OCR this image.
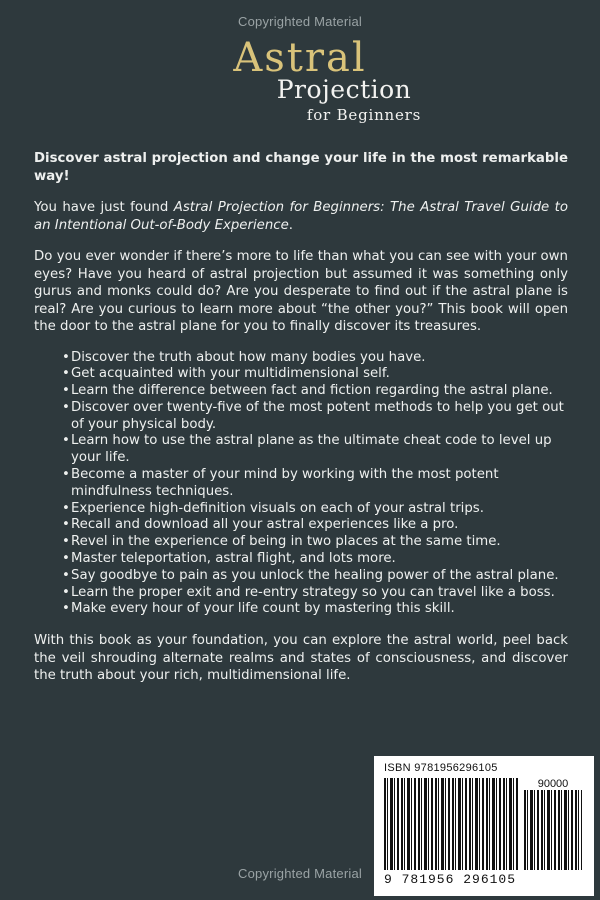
Copyrighted Material
Astral
Projection
for Beginners

Discover astral projection and change your life in the most remarkable way!

You have just found Astral Projection for Beginners: The Astral Travel Guide to an Intentional Out-of-Body Experience.

Do you ever wonder if there’s more to life than what you can see with your own eyes? Have you heard of astral projection but assumed it was something only gurus and monks could do? Are you desperate to find out if the astral plane is real? Are you curious to learn more about “the other you?” This book will open the door to the astral plane for you to finally discover its treasures.

• Discover the truth about how many bodies you have.
• Get acquainted with your multidimensional self.
• Learn the difference between fact and fiction regarding the astral plane.
• Discover over twenty-five of the most potent methods to help you get out of your physical body.
• Learn how to use the astral plane as the ultimate cheat code to level up your life.
• Become a master of your mind by working with the most potent mindfulness techniques.
• Experience high-definition visuals on each of your astral trips.
• Recall and download all your astral experiences like a pro.
• Revel in the experience of being in two places at the same time.
• Master teleportation, astral flight, and lots more.
• Say goodbye to pain as you unlock the healing power of the astral plane.
• Learn the proper exit and re-entry strategy so you can travel like a boss.
• Make every hour of your life count by mastering this skill.

With this book as your foundation, you can explore the astral world, peel back the veil shrouding alternate realms and states of consciousness, and discover the truth about your rich, multidimensional life.

ISBN 9781956296105
90000
9 781956 296105
Copyrighted Material
